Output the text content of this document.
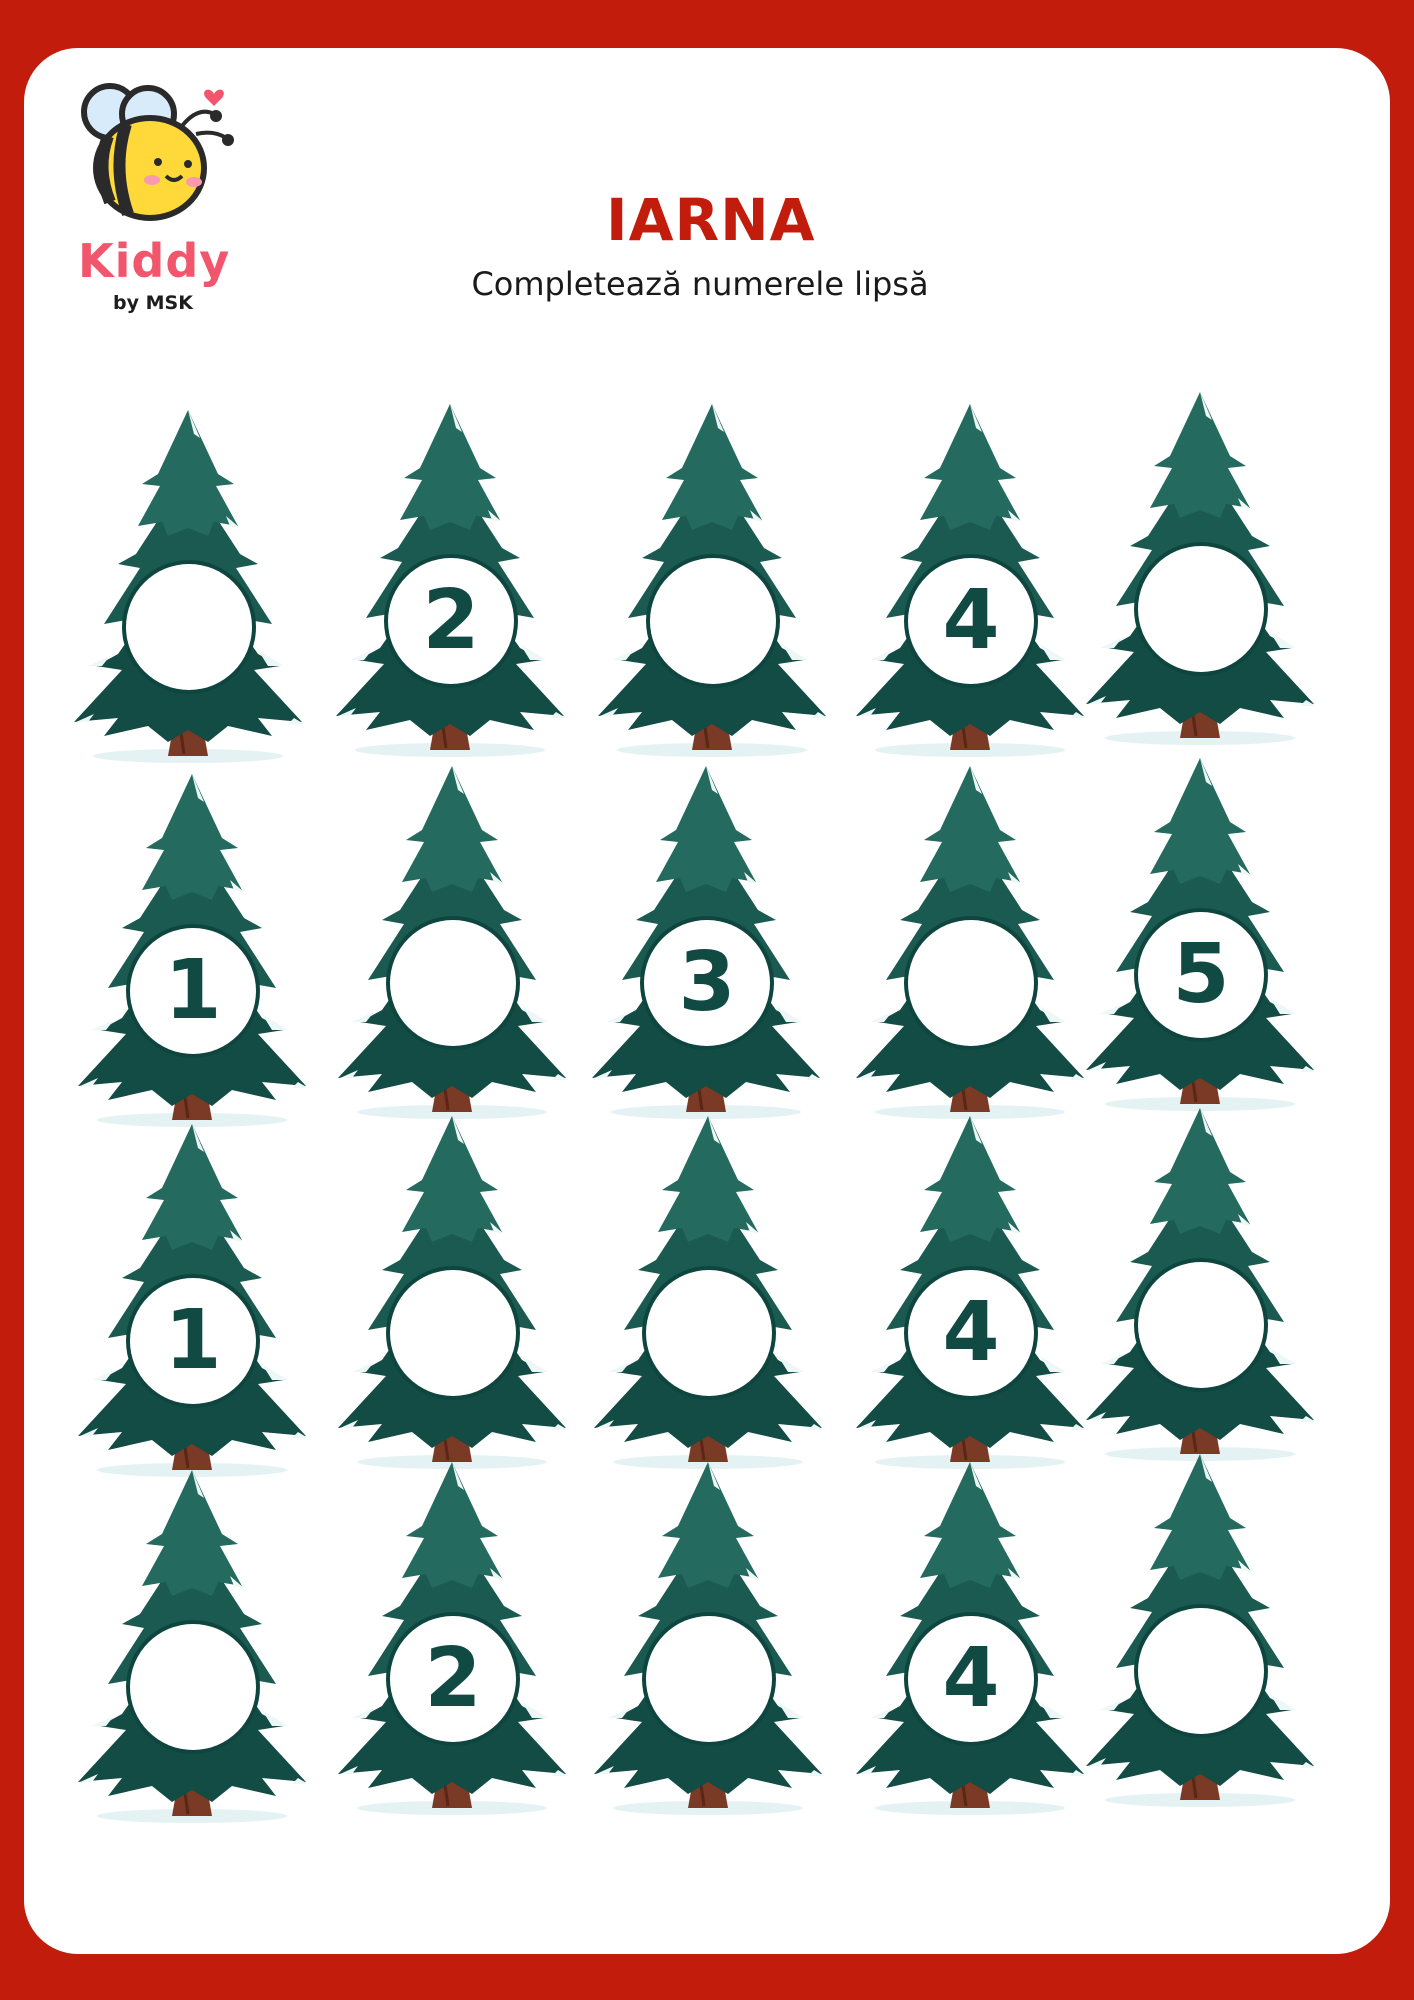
Kiddy
by MSK
IARNA
Completează numerele lipsă
2	4
1	3	5
1	4
2	4
